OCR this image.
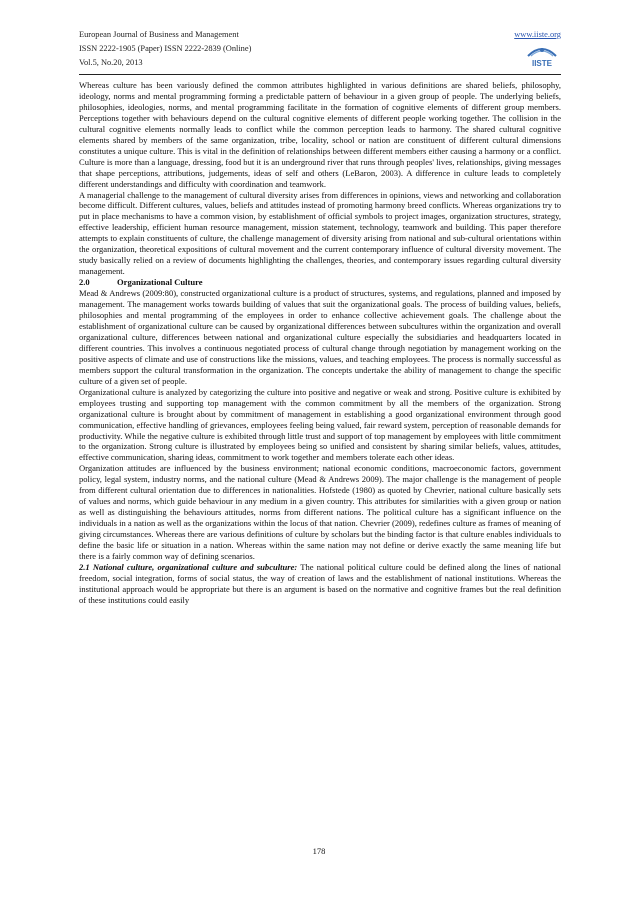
European Journal of Business and Management
ISSN 2222-1905 (Paper) ISSN 2222-2839 (Online)
Vol.5, No.20, 2013
www.iiste.org
IISTE

Whereas culture has been variously defined the common attributes highlighted in various definitions are shared beliefs, philosophy, ideology, norms and mental programming forming a predictable pattern of behaviour in a given group of people. The underlying beliefs, philosophies, ideologies, norms, and mental programming facilitate in the formation of cognitive elements of different group members. Perceptions together with behaviours depend on the cultural cognitive elements of different people working together. The collision in the cultural cognitive elements normally leads to conflict while the common perception leads to harmony. The shared cultural cognitive elements shared by members of the same organization, tribe, locality, school or nation are constituent of different cultural dimensions constitutes a unique culture. This is vital in the definition of relationships between different members either causing a harmony or a conflict. Culture is more than a language, dressing, food but it is an underground river that runs through peoples' lives, relationships, giving messages that shape perceptions, attributions, judgements, ideas of self and others (LeBaron, 2003). A difference in culture leads to completely different understandings and difficulty with coordination and teamwork.

A managerial challenge to the management of cultural diversity arises from differences in opinions, views and networking and collaboration become difficult. Different cultures, values, beliefs and attitudes instead of promoting harmony breed conflicts. Whereas organizations try to put in place mechanisms to have a common vision, by establishment of official symbols to project images, organization structures, strategy, effective leadership, efficient human resource management, mission statement, technology, teamwork and building. This paper therefore attempts to explain constituents of culture, the challenge management of diversity arising from national and sub-cultural orientations within the organization, theoretical expositions of cultural movement and the current contemporary influence of cultural diversity movement. The study basically relied on a review of documents highlighting the challenges, theories, and contemporary issues regarding cultural diversity management.

2.0	Organizational Culture

Mead & Andrews (2009:80), constructed organizational culture is a product of structures, systems, and regulations, planned and imposed by management. The management works towards building of values that suit the organizational goals. The process of building values, beliefs, philosophies and mental programming of the employees in order to enhance collective achievement goals. The challenge about the establishment of organizational culture can be caused by organizational differences between subcultures within the organization and overall organizational culture, differences between national and organizational culture especially the subsidiaries and headquarters located in different countries. This involves a continuous negotiated process of cultural change through negotiation by management working on the positive aspects of climate and use of constructions like the missions, values, and teaching employees. The process is normally successful as members support the cultural transformation in the organization. The concepts undertake the ability of management to change the specific culture of a given set of people.

Organizational culture is analyzed by categorizing the culture into positive and negative or weak and strong. Positive culture is exhibited by employees trusting and supporting top management with the common commitment by all the members of the organization. Strong organizational culture is brought about by commitment of management in establishing a good organizational environment through good communication, effective handling of grievances, employees feeling being valued, fair reward system, perception of reasonable demands for productivity. While the negative culture is exhibited through little trust and support of top management by employees with little commitment to the organization. Strong culture is illustrated by employees being so unified and consistent by sharing similar beliefs, values, attitudes, effective communication, sharing ideas, commitment to work together and members tolerate each other ideas.

Organization attitudes are influenced by the business environment; national economic conditions, macroeconomic factors, government policy, legal system, industry norms, and the national culture (Mead & Andrews 2009). The major challenge is the management of people from different cultural orientation due to differences in nationalities. Hofstede (1980) as quoted by Chevrier, national culture basically sets of values and norms, which guide behaviour in any medium in a given country. This attributes for similarities with a given group or nation as well as distinguishing the behaviours attitudes, norms from different nations. The political culture has a significant influence on the individuals in a nation as well as the organizations within the locus of that nation. Chevrier (2009), redefines culture as frames of meaning of giving circumstances. Whereas there are various definitions of culture by scholars but the binding factor is that culture enables individuals to define the basic life or situation in a nation. Whereas within the same nation may not define or derive exactly the same meaning life but there is a fairly common way of defining scenarios.

2.1 National culture, organizational culture and subculture: The national political culture could be defined along the lines of national freedom, social integration, forms of social status, the way of creation of laws and the establishment of national institutions. Whereas the institutional approach would be appropriate but there is an argument is based on the normative and cognitive frames but the real definition of these institutions could easily

178
